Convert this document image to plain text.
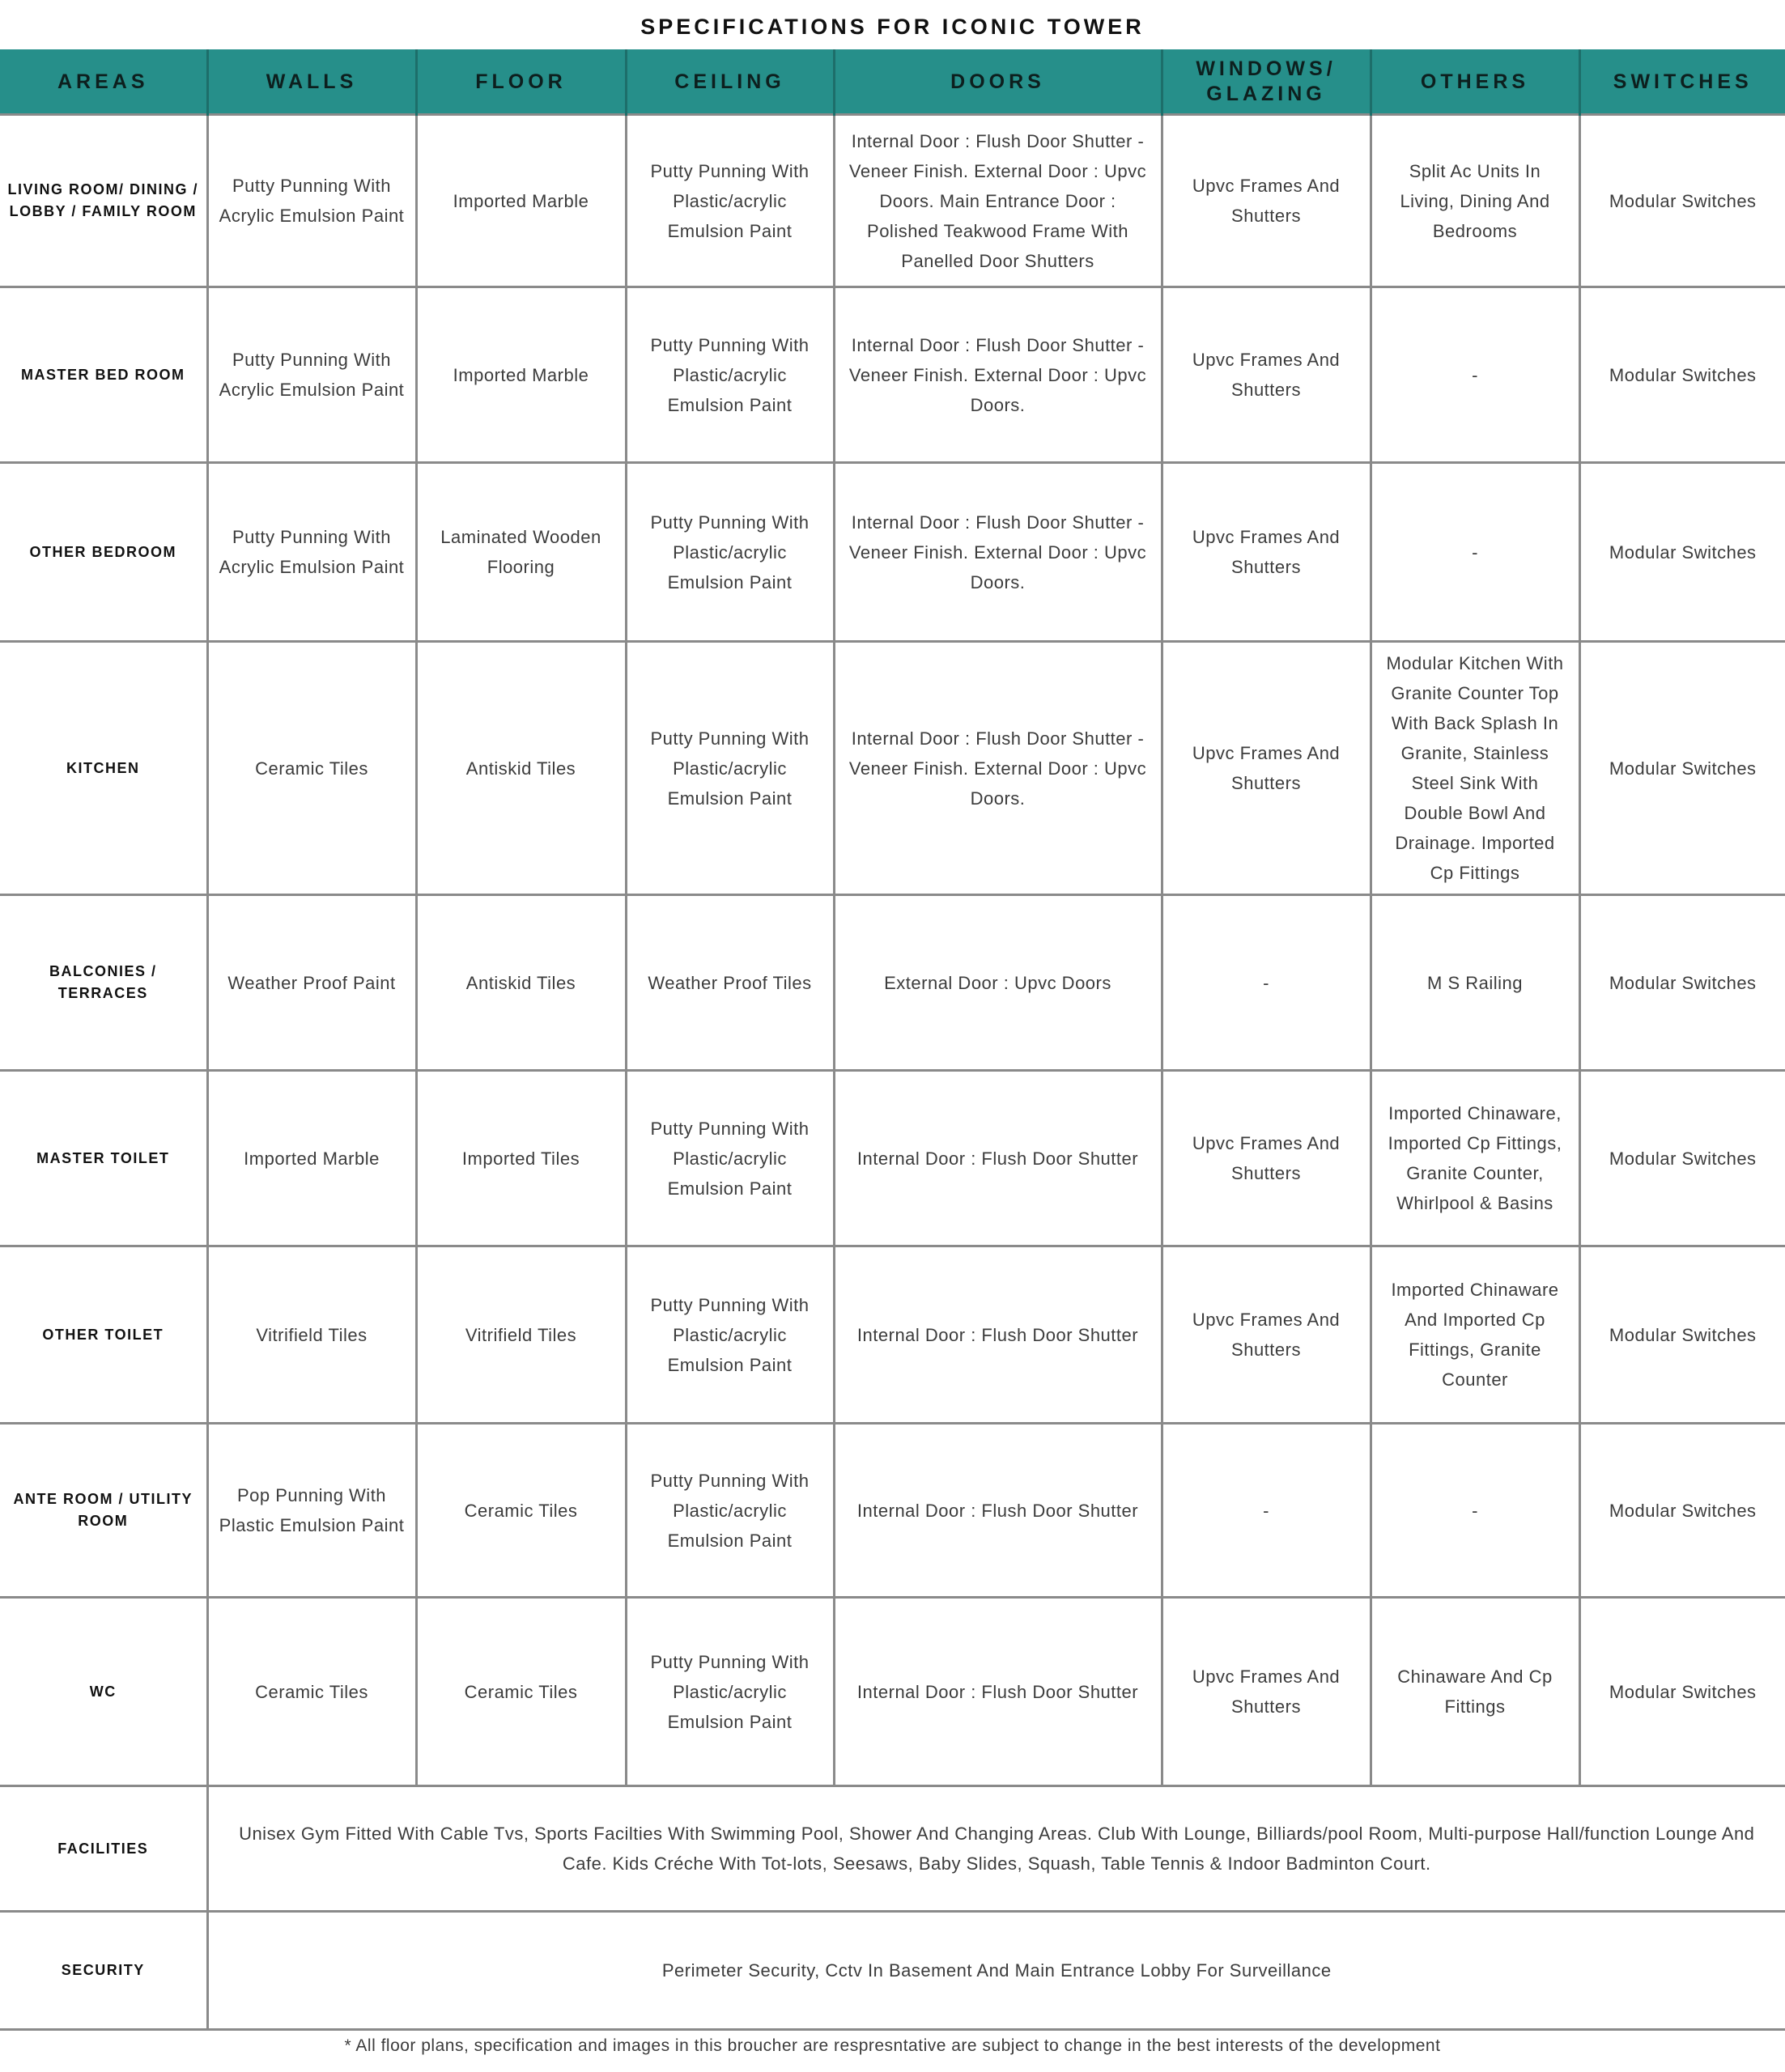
SPECIFICATIONS FOR ICONIC TOWER
AREAS	WALLS	FLOOR	CEILING	DOORS	WINDOWS/ GLAZING	OTHERS	SWITCHES
LIVING ROOM/ DINING / LOBBY / FAMILY ROOM	Putty Punning With Acrylic Emulsion Paint	Imported Marble	Putty Punning With Plastic/acrylic Emulsion Paint	Internal Door : Flush Door Shutter - Veneer Finish. External Door : Upvc Doors. Main Entrance Door : Polished Teakwood Frame With Panelled Door Shutters	Upvc Frames And Shutters	Split Ac Units In Living, Dining And Bedrooms	Modular Switches
MASTER BED ROOM	Putty Punning With Acrylic Emulsion Paint	Imported Marble	Putty Punning With Plastic/acrylic Emulsion Paint	Internal Door : Flush Door Shutter - Veneer Finish. External Door : Upvc Doors.	Upvc Frames And Shutters	-	Modular Switches
OTHER BEDROOM	Putty Punning With Acrylic Emulsion Paint	Laminated Wooden Flooring	Putty Punning With Plastic/acrylic Emulsion Paint	Internal Door : Flush Door Shutter - Veneer Finish. External Door : Upvc Doors.	Upvc Frames And Shutters	-	Modular Switches
KITCHEN	Ceramic Tiles	Antiskid Tiles	Putty Punning With Plastic/acrylic Emulsion Paint	Internal Door : Flush Door Shutter - Veneer Finish. External Door : Upvc Doors.	Upvc Frames And Shutters	Modular Kitchen With Granite Counter Top With Back Splash In Granite, Stainless Steel Sink With Double Bowl And Drainage. Imported Cp Fittings	Modular Switches
BALCONIES / TERRACES	Weather Proof Paint	Antiskid Tiles	Weather Proof Tiles	External Door : Upvc Doors	-	M S Railing	Modular Switches
MASTER TOILET	Imported Marble	Imported Tiles	Putty Punning With Plastic/acrylic Emulsion Paint	Internal Door : Flush Door Shutter	Upvc Frames And Shutters	Imported Chinaware, Imported Cp Fittings, Granite Counter, Whirlpool & Basins	Modular Switches
OTHER TOILET	Vitrifield Tiles	Vitrifield Tiles	Putty Punning With Plastic/acrylic Emulsion Paint	Internal Door : Flush Door Shutter	Upvc Frames And Shutters	Imported Chinaware And Imported Cp Fittings, Granite Counter	Modular Switches
ANTE ROOM / UTILITY ROOM	Pop Punning With Plastic Emulsion Paint	Ceramic Tiles	Putty Punning With Plastic/acrylic Emulsion Paint	Internal Door : Flush Door Shutter	-	-	Modular Switches
WC	Ceramic Tiles	Ceramic Tiles	Putty Punning With Plastic/acrylic Emulsion Paint	Internal Door : Flush Door Shutter	Upvc Frames And Shutters	Chinaware And Cp Fittings	Modular Switches
FACILITIES	Unisex Gym Fitted With Cable Tvs, Sports Facilties With Swimming Pool, Shower And Changing Areas. Club With Lounge, Billiards/pool Room, Multi-purpose Hall/function Lounge And Cafe. Kids Créche With Tot-lots, Seesaws, Baby Slides, Squash, Table Tennis & Indoor Badminton Court.						
SECURITY	Perimeter Security, Cctv In Basement And Main Entrance Lobby For Surveillance						
* All floor plans, specification and images in this broucher are respresntative are subject to change in the best interests of the development
